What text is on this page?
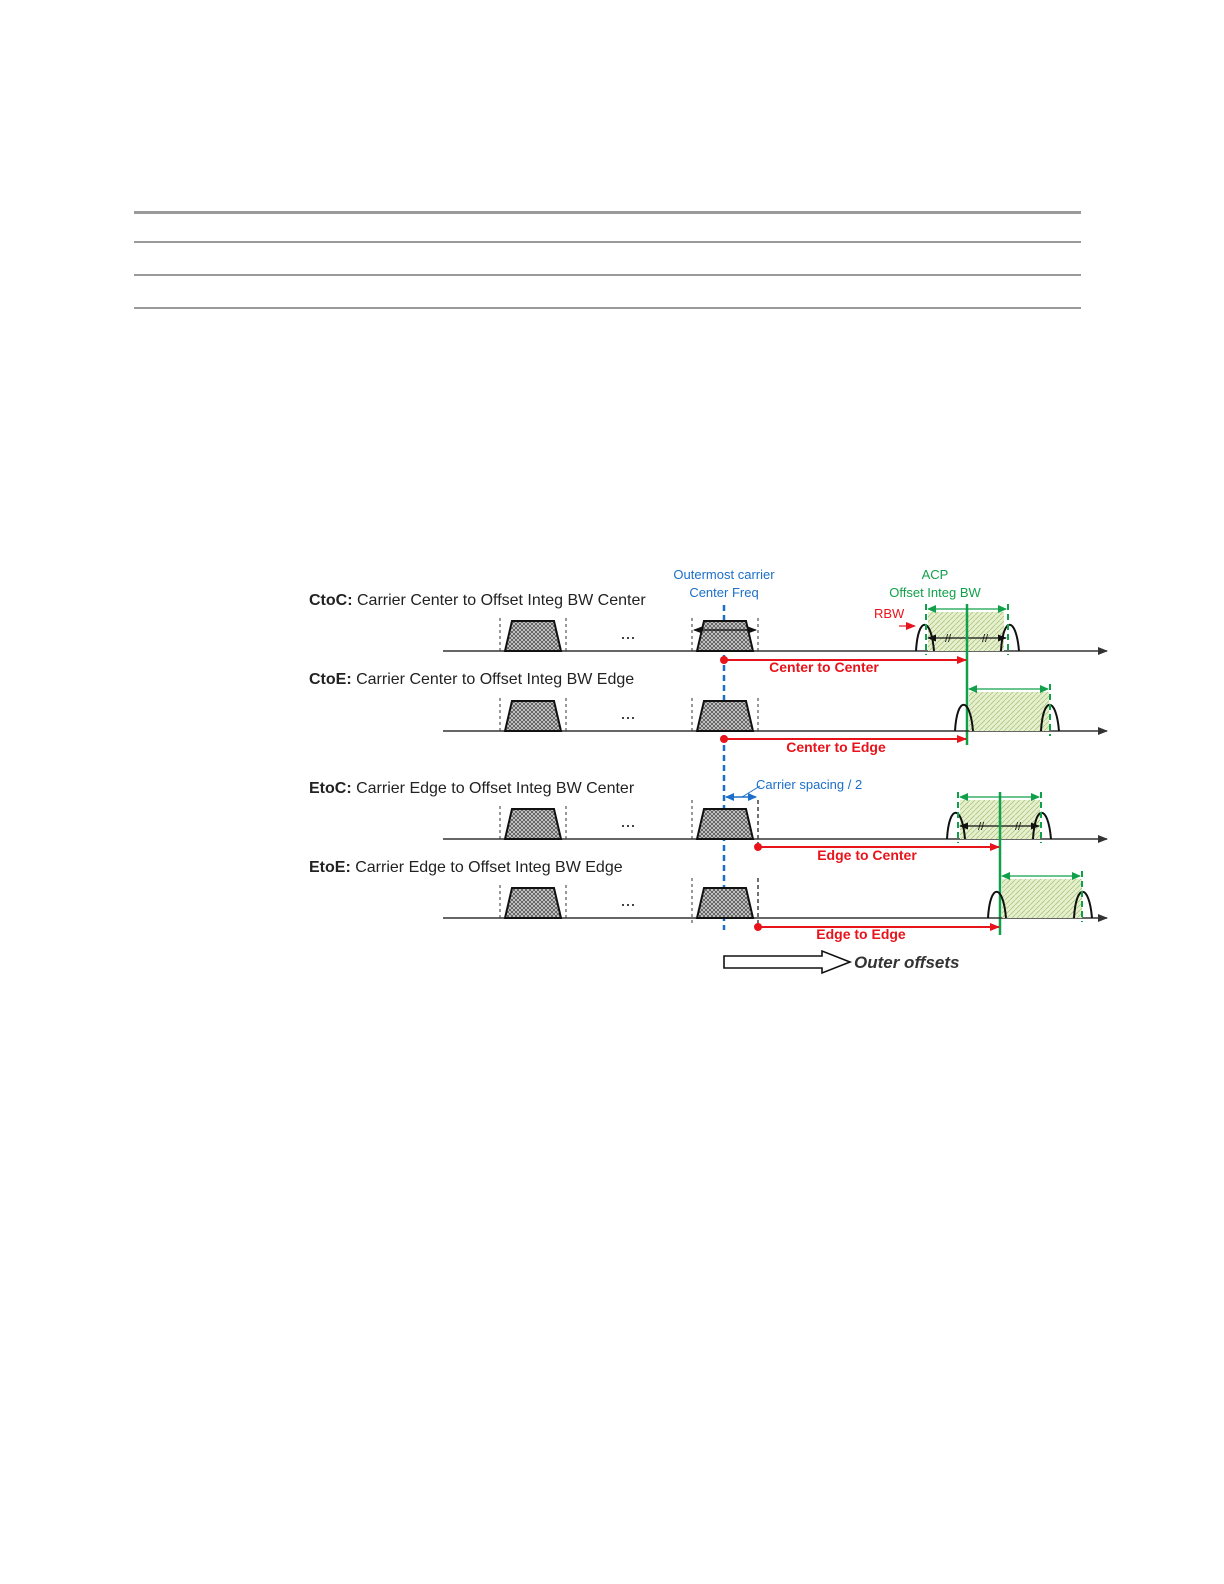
CtoC: Carrier Center to Offset Integ BW Center
CtoE: Carrier Center to Offset Integ BW Edge
EtoC: Carrier Edge to Offset Integ BW Center
EtoE: Carrier Edge to Offset Integ BW Edge
Outermost carrier
Center Freq
ACP
Offset Integ BW
RBW
...	//	//
Center to Center
...
Center to Edge
Carrier spacing / 2
...	//	//
Edge to Center
...
Edge to Edge
Outer offsets
